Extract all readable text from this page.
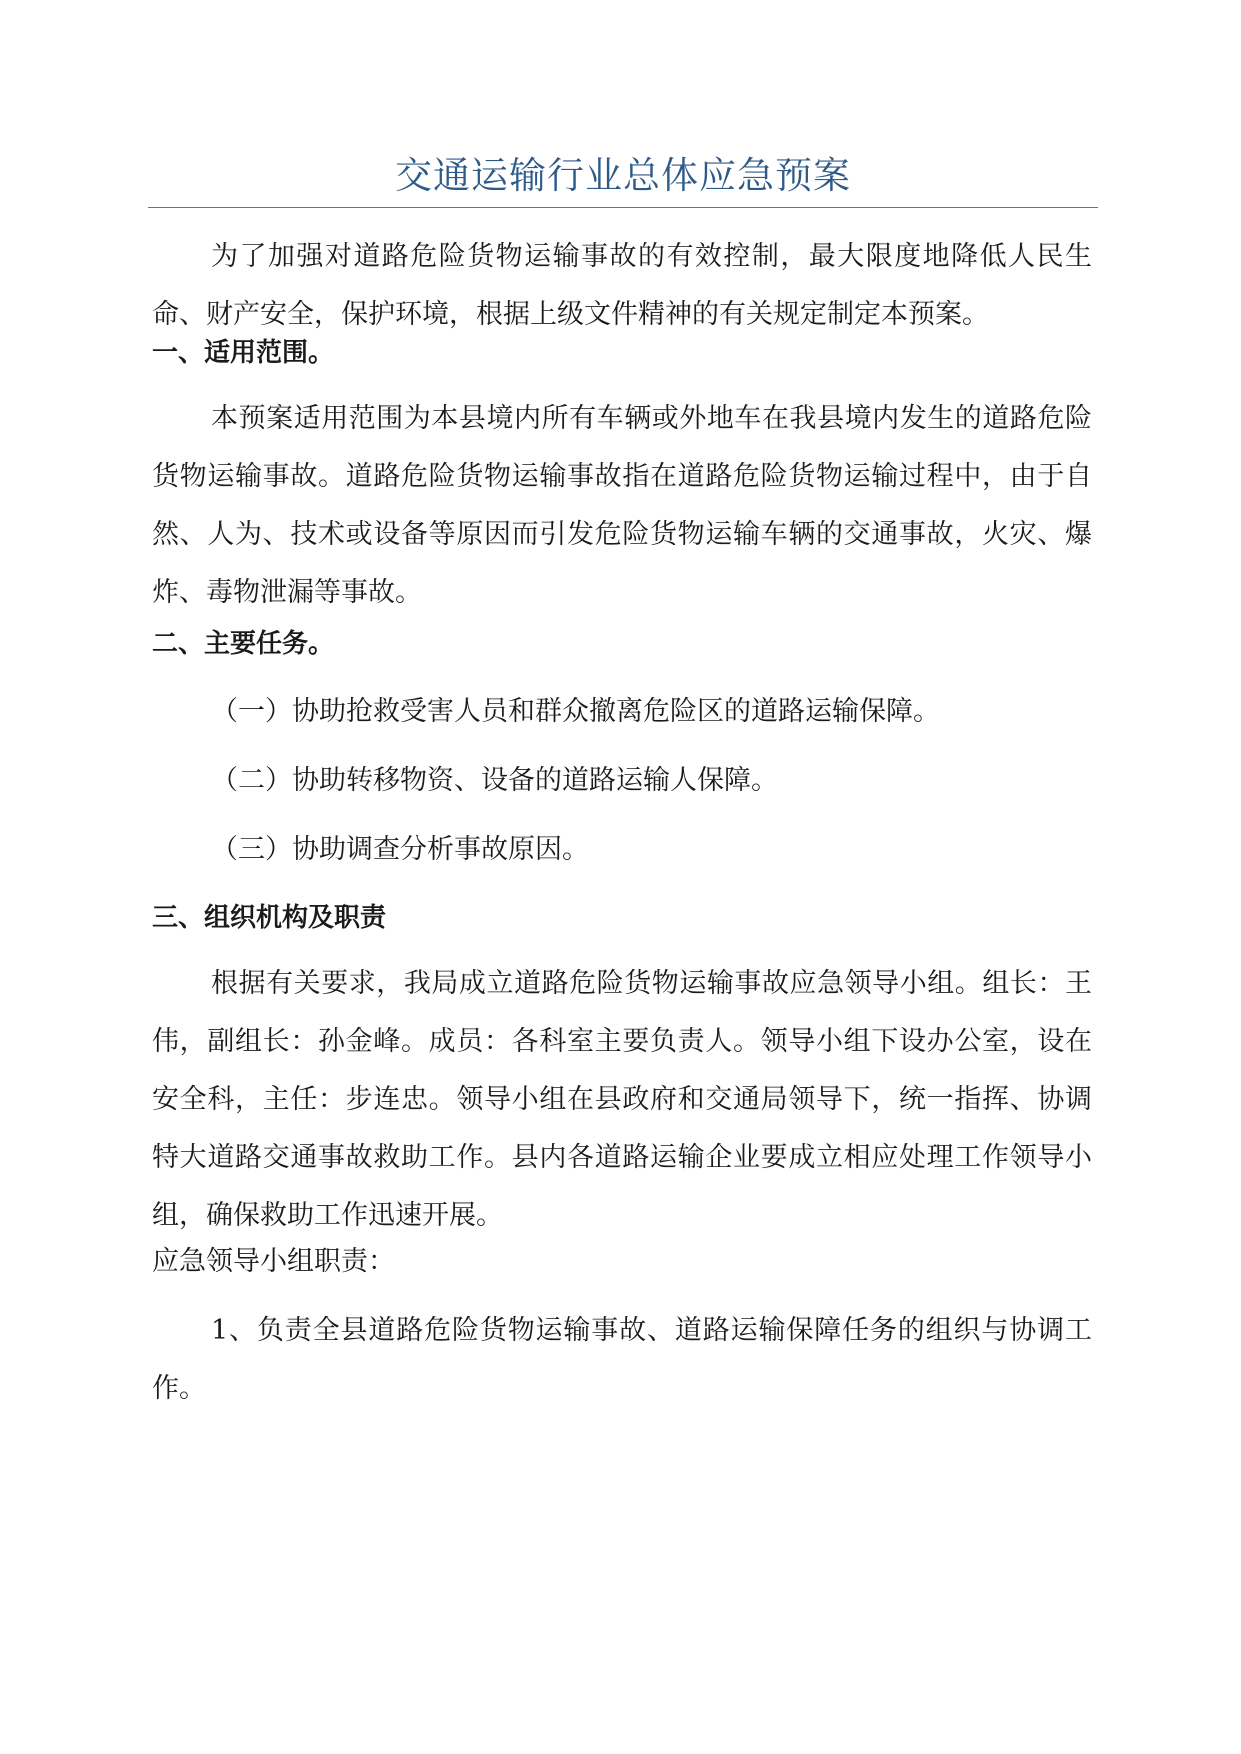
交通运输行业总体应急预案

为了加强对道路危险货物运输事故的有效控制，最大限度地降低人民生命、财产安全，保护环境，根据上级文件精神的有关规定制定本预案。

一、适用范围。

本预案适用范围为本县境内所有车辆或外地车在我县境内发生的道路危险货物运输事故。道路危险货物运输事故指在道路危险货物运输过程中，由于自然、人为、技术或设备等原因而引发危险货物运输车辆的交通事故，火灾、爆炸、毒物泄漏等事故。

二、主要任务。

（一）协助抢救受害人员和群众撤离危险区的道路运输保障。

（二）协助转移物资、设备的道路运输人保障。

（三）协助调查分析事故原因。

三、组织机构及职责

根据有关要求，我局成立道路危险货物运输事故应急领导小组。组长：王伟，副组长：孙金峰。成员：各科室主要负责人。领导小组下设办公室，设在安全科，主任：步连忠。领导小组在县政府和交通局领导下，统一指挥、协调特大道路交通事故救助工作。县内各道路运输企业要成立相应处理工作领导小组，确保救助工作迅速开展。

应急领导小组职责：

1、负责全县道路危险货物运输事故、道路运输保障任务的组织与协调工作。
